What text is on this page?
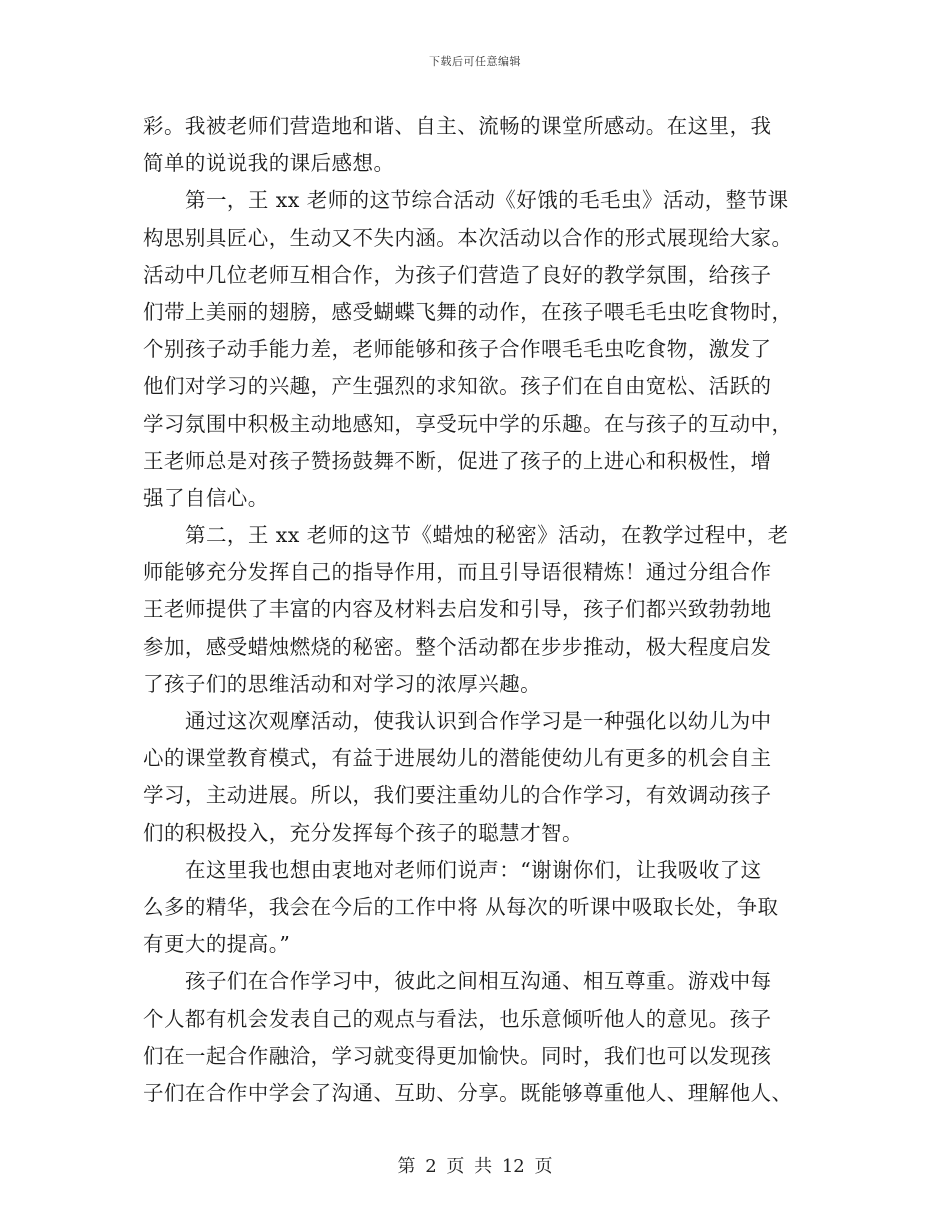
下载后可任意编辑
彩。我被老师们营造地和谐、自主、流畅的课堂所感动。在这里，我
简单的说说我的课后感想。
第一，王 xx 老师的这节综合活动《好饿的毛毛虫》活动，整节课
构思别具匠心，生动又不失内涵。本次活动以合作的形式展现给大家。
活动中几位老师互相合作，为孩子们营造了良好的教学氛围，给孩子
们带上美丽的翅膀，感受蝴蝶飞舞的动作，在孩子喂毛毛虫吃食物时，
个别孩子动手能力差，老师能够和孩子合作喂毛毛虫吃食物，激发了
他们对学习的兴趣，产生强烈的求知欲。孩子们在自由宽松、活跃的
学习氛围中积极主动地感知，享受玩中学的乐趣。在与孩子的互动中，
王老师总是对孩子赞扬鼓舞不断，促进了孩子的上进心和积极性，增
强了自信心。
第二，王 xx 老师的这节《蜡烛的秘密》活动，在教学过程中，老
师能够充分发挥自己的指导作用，而且引导语很精炼！通过分组合作
王老师提供了丰富的内容及材料去启发和引导，孩子们都兴致勃勃地
参加，感受蜡烛燃烧的秘密。整个活动都在步步推动，极大程度启发
了孩子们的思维活动和对学习的浓厚兴趣。
通过这次观摩活动，使我认识到合作学习是一种强化以幼儿为中
心的课堂教育模式，有益于进展幼儿的潜能使幼儿有更多的机会自主
学习，主动进展。所以，我们要注重幼儿的合作学习，有效调动孩子
们的积极投入，充分发挥每个孩子的聪慧才智。
在这里我也想由衷地对老师们说声：“谢谢你们，让我吸收了这
么多的精华，我会在今后的工作中将 从每次的听课中吸取长处，争取
有更大的提高。”
孩子们在合作学习中，彼此之间相互沟通、相互尊重。游戏中每
个人都有机会发表自己的观点与看法，也乐意倾听他人的意见。孩子
们在一起合作融洽，学习就变得更加愉快。同时，我们也可以发现孩
子们在合作中学会了沟通、互助、分享。既能够尊重他人、理解他人、
第 2 页 共 12 页
